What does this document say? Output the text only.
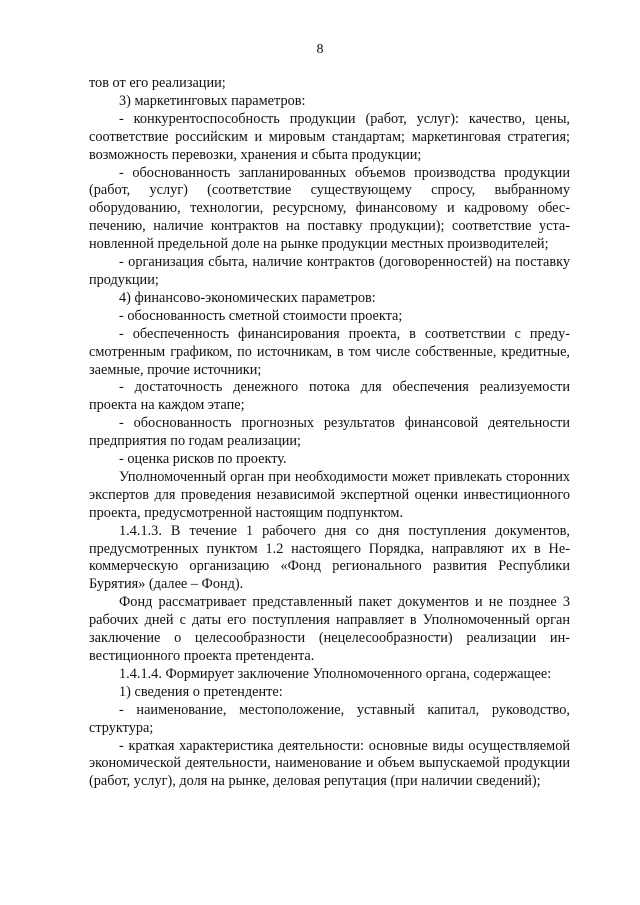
8

тов от его реализации;

3) маркетинговых параметров:

- конкурентоспособность продукции (работ, услуг): качество, цены, соответствие российским и мировым стандартам; маркетинговая стратегия; возможность перевозки, хранения и сбыта продукции;

- обоснованность запланированных объемов производства продукции (работ, услуг) (соответствие существующему спросу, выбранному оборудованию, технологии, ресурсному, финансовому и кадровому обеспечению, наличие контрактов на поставку продукции); соответствие установленной предельной доле на рынке продукции местных производителей;

- организация сбыта, наличие контрактов (договоренностей) на поставку продукции;

4) финансово-экономических параметров:

- обоснованность сметной стоимости проекта;

- обеспеченность финансирования проекта, в соответствии с предусмотренным графиком, по источникам, в том числе собственные, кредитные, заемные, прочие источники;

- достаточность денежного потока для обеспечения реализуемости проекта на каждом этапе;

- обоснованность прогнозных результатов финансовой деятельности предприятия по годам реализации;

- оценка рисков по проекту.

Уполномоченный орган при необходимости может привлекать сторонних экспертов для проведения независимой экспертной оценки инвестиционного проекта, предусмотренной настоящим подпунктом.

1.4.1.3. В течение 1 рабочего дня со дня поступления документов, предусмотренных пунктом 1.2 настоящего Порядка, направляют их в Некоммерческую организацию «Фонд регионального развития Республики Бурятия» (далее – Фонд).

Фонд рассматривает представленный пакет документов и не позднее 3 рабочих дней с даты его поступления направляет в Уполномоченный орган заключение о целесообразности (нецелесообразности) реализации инвестиционного проекта претендента.

1.4.1.4. Формирует заключение Уполномоченного органа, содержащее:

1) сведения о претенденте:

- наименование, местоположение, уставный капитал, руководство, структура;

- краткая характеристика деятельности: основные виды осуществляемой экономической деятельности, наименование и объем выпускаемой продукции (работ, услуг), доля на рынке, деловая репутация (при наличии сведений);
